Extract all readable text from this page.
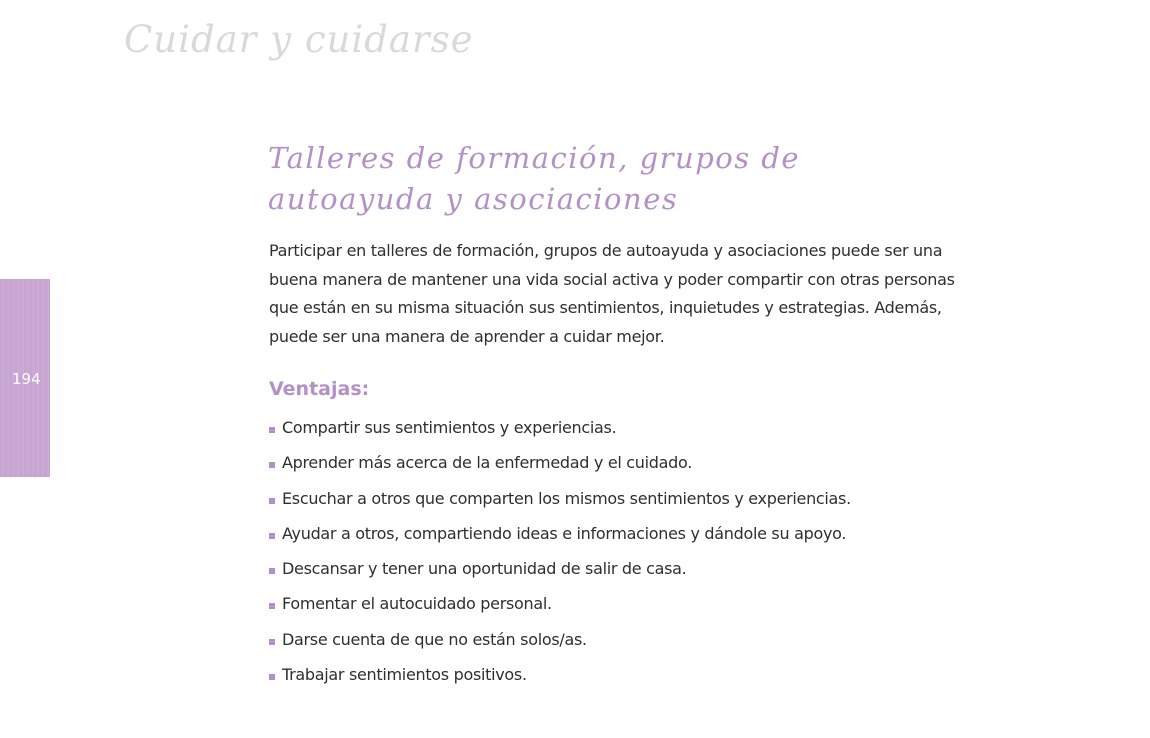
Cuidar y cuidarse
194
Talleres de formación, grupos de
autoayuda y asociaciones

Participar en talleres de formación, grupos de autoayuda y asociaciones puede ser una buena manera de mantener una vida social activa y poder compartir con otras personas que están en su misma situación sus sentimientos, inquietudes y estrategias. Además, puede ser una manera de aprender a cuidar mejor.

Ventajas:
Compartir sus sentimientos y experiencias.
Aprender más acerca de la enfermedad y el cuidado.
Escuchar a otros que comparten los mismos sentimientos y experiencias.
Ayudar a otros, compartiendo ideas e informaciones y dándole su apoyo.
Descansar y tener una oportunidad de salir de casa.
Fomentar el autocuidado personal.
Darse cuenta de que no están solos/as.
Trabajar sentimientos positivos.
